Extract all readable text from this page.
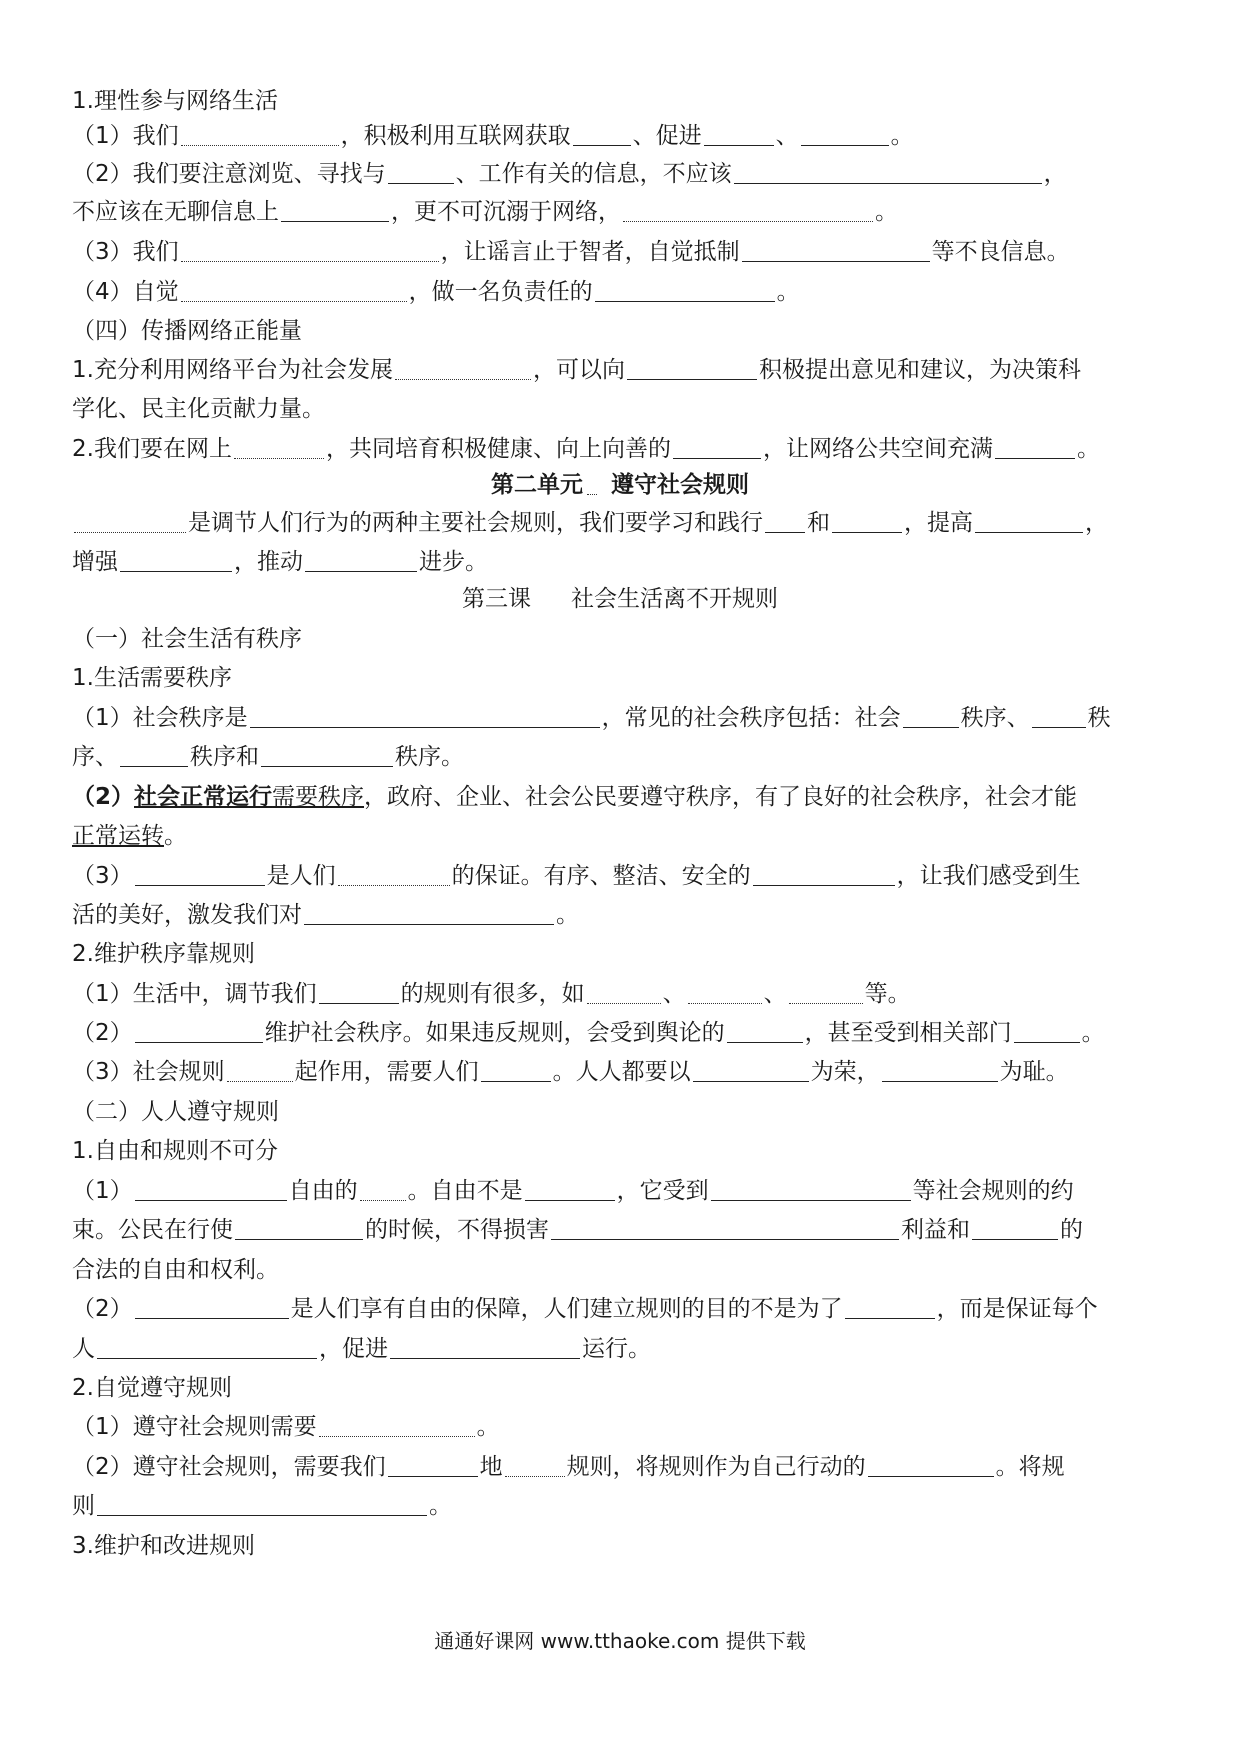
1.理性参与网络生活
（1）我们	，积极利用互联网获取	、促进	、	。
（2）我们要注意浏览、寻找与	、工作有关的信息，不应该	，
不应该在无聊信息上	，更不可沉溺于网络，	。
（3）我们	，让谣言止于智者，自觉抵制	等不良信息。
（4）自觉	，做一名负责任的	。
（四）传播网络正能量
1.充分利用网络平台为社会发展	，可以向	积极提出意见和建议，为决策科
学化、民主化贡献力量。
2.我们要在网上	，共同培育积极健康、向上向善的	，让网络公共空间充满	。
第二单元 遵守社会规则
是调节人们行为的两种主要社会规则，我们要学习和践行 和	，提高	，
增强	，推动	进步。
第三课 社会生活离不开规则
（一）社会生活有秩序
1.生活需要秩序
（1）社会秩序是	，常见的社会秩序包括：社会	秩序、	秩
序、	秩序和	秩序。
（2）社会正常运行需要秩序，政府、企业、社会公民要遵守秩序，有了良好的社会秩序，社会才能
正常运转。
（3）	是人们	的保证。有序、整洁、安全的	，让我们感受到生
活的美好，激发我们对	。
2.维护秩序靠规则
（1）生活中，调节我们	的规则有很多，如	、	、	等。
（2）	维护社会秩序。如果违反规则，会受到舆论的	，甚至受到相关部门	。
（3）社会规则	起作用，需要人们	。人人都要以	为荣，	为耻。
（二）人人遵守规则
1.自由和规则不可分
（1）	自由的 。自由不是	，它受到	等社会规则的约
束。公民在行使	的时候，不得损害	利益和	的
合法的自由和权利。
（2）	是人们享有自由的保障，人们建立规则的目的不是为了	，而是保证每个
人	，促进	运行。
2.自觉遵守规则
（1）遵守社会规则需要	。
（2）遵守社会规则，需要我们	地	规则，将规则作为自己行动的	。将规
则	。
3.维护和改进规则
通通好课网 www.tthaoke.com 提供下载
